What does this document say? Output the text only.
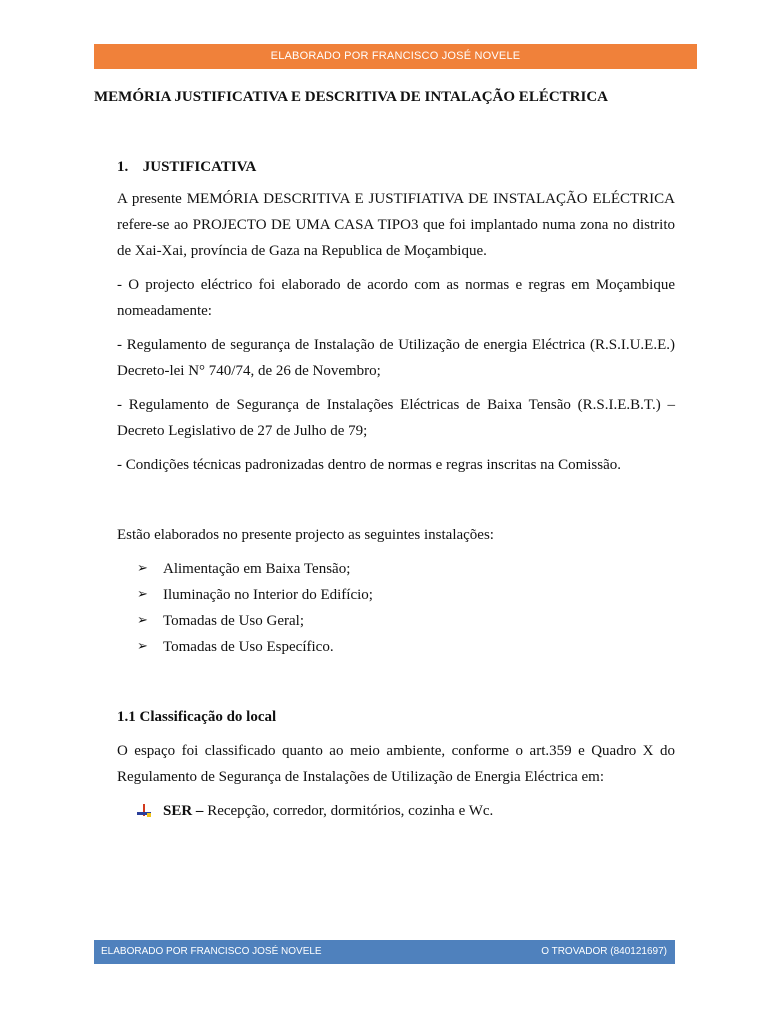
ELABORADO POR FRANCISCO JOSÉ NOVELE
MEMÓRIA JUSTIFICATIVA E DESCRITIVA DE INTALAÇÃO ELÉCTRICA
1. JUSTIFICATIVA

A presente MEMÓRIA DESCRITIVA E JUSTIFIATIVA DE INSTALAÇÃO ELÉCTRICA refere-se ao PROJECTO DE UMA CASA TIPO3 que foi implantado numa zona no distrito de Xai-Xai, província de Gaza na Republica de Moçambique.

- O projecto eléctrico foi elaborado de acordo com as normas e regras em Moçambique nomeadamente:

- Regulamento de segurança de Instalação de Utilização de energia Eléctrica (R.S.I.U.E.E.) Decreto-lei N° 740/74, de 26 de Novembro;

- Regulamento de Segurança de Instalações Eléctricas de Baixa Tensão (R.S.I.E.B.T.) – Decreto Legislativo de 27 de Julho de 79;

- Condições técnicas padronizadas dentro de normas e regras inscritas na Comissão.

Estão elaborados no presente projecto as seguintes instalações:

➢ Alimentação em Baixa Tensão;
➢ Iluminação no Interior do Edifício;
➢ Tomadas de Uso Geral;
➢ Tomadas de Uso Específico.
1.1 Classificação do local

O espaço foi classificado quanto ao meio ambiente, conforme o art.359 e Quadro X do Regulamento de Segurança de Instalações de Utilização de Energia Eléctrica em:

SER – Recepção, corredor, dormitórios, cozinha e Wc.
ELABORADO POR FRANCISCO JOSÉ NOVELE	O TROVADOR (840121697)
